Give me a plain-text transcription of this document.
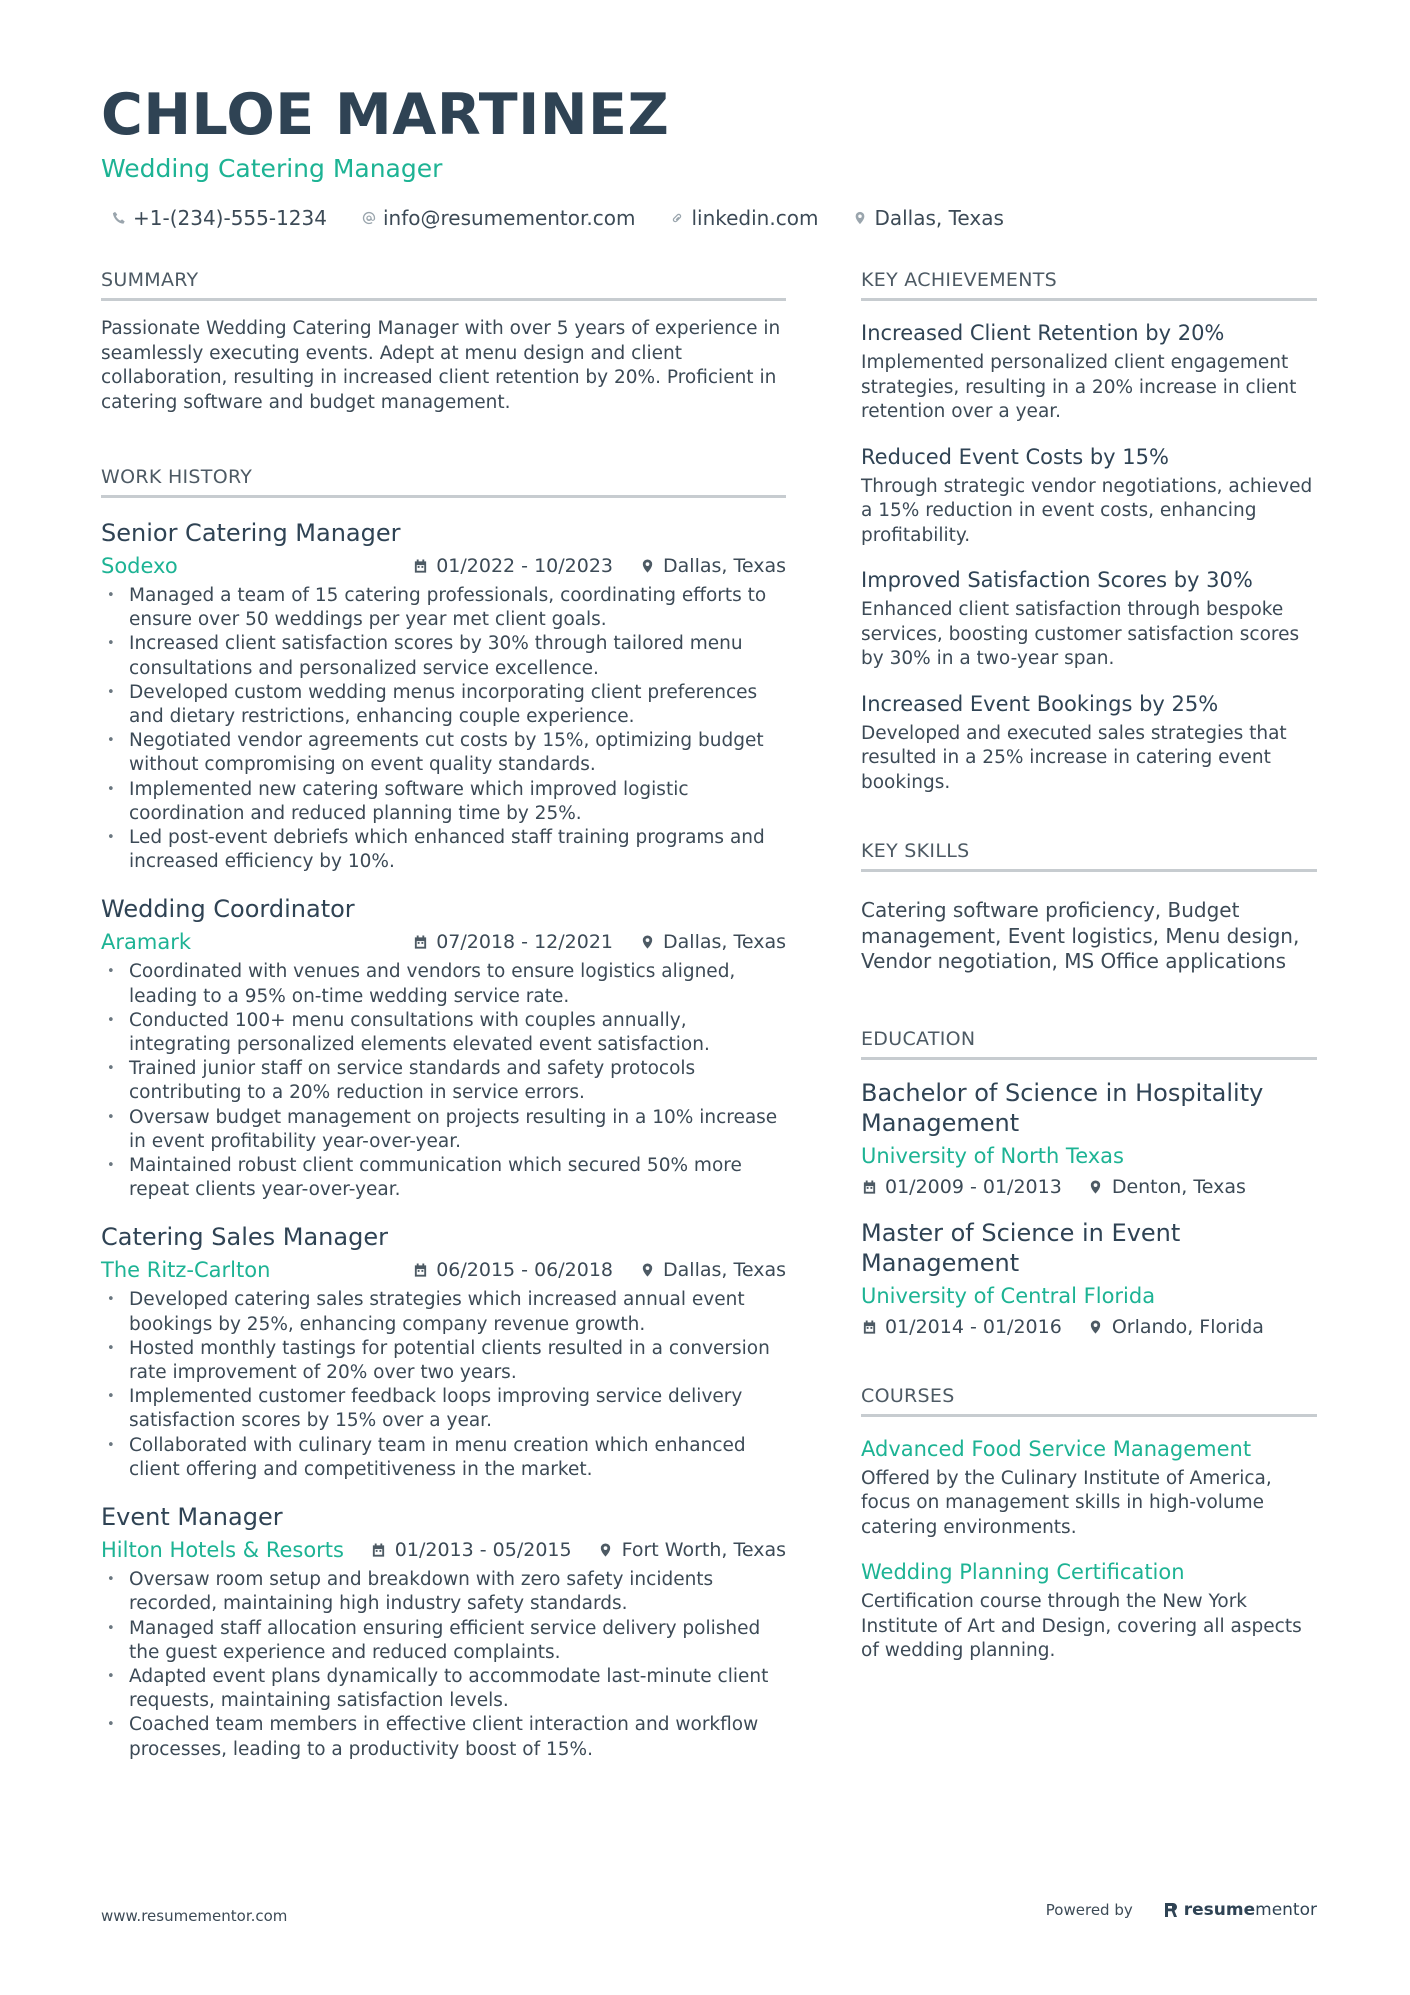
CHLOE MARTINEZ
Wedding Catering Manager
+1-(234)-555-1234	info@resumementor.com	linkedin.com	Dallas, Texas
SUMMARY
Passionate Wedding Catering Manager with over 5 years of experience in seamlessly executing events. Adept at menu design and client collaboration, resulting in increased client retention by 20%. Proficient in catering software and budget management.
WORK HISTORY
Senior Catering Manager
Sodexo	01/2022 - 10/2023	Dallas, Texas
• Managed a team of 15 catering professionals, coordinating efforts to ensure over 50 weddings per year met client goals.
• Increased client satisfaction scores by 30% through tailored menu consultations and personalized service excellence.
• Developed custom wedding menus incorporating client preferences and dietary restrictions, enhancing couple experience.
• Negotiated vendor agreements cut costs by 15%, optimizing budget without compromising on event quality standards.
• Implemented new catering software which improved logistic coordination and reduced planning time by 25%.
• Led post-event debriefs which enhanced staff training programs and increased efficiency by 10%.
Wedding Coordinator
Aramark	07/2018 - 12/2021	Dallas, Texas
• Coordinated with venues and vendors to ensure logistics aligned, leading to a 95% on-time wedding service rate.
• Conducted 100+ menu consultations with couples annually, integrating personalized elements elevated event satisfaction.
• Trained junior staff on service standards and safety protocols contributing to a 20% reduction in service errors.
• Oversaw budget management on projects resulting in a 10% increase in event profitability year-over-year.
• Maintained robust client communication which secured 50% more repeat clients year-over-year.
Catering Sales Manager
The Ritz-Carlton	06/2015 - 06/2018	Dallas, Texas
• Developed catering sales strategies which increased annual event bookings by 25%, enhancing company revenue growth.
• Hosted monthly tastings for potential clients resulted in a conversion rate improvement of 20% over two years.
• Implemented customer feedback loops improving service delivery satisfaction scores by 15% over a year.
• Collaborated with culinary team in menu creation which enhanced client offering and competitiveness in the market.
Event Manager
Hilton Hotels & Resorts	01/2013 - 05/2015	Fort Worth, Texas
• Oversaw room setup and breakdown with zero safety incidents recorded, maintaining high industry safety standards.
• Managed staff allocation ensuring efficient service delivery polished the guest experience and reduced complaints.
• Adapted event plans dynamically to accommodate last-minute client requests, maintaining satisfaction levels.
• Coached team members in effective client interaction and workflow processes, leading to a productivity boost of 15%.
KEY ACHIEVEMENTS
Increased Client Retention by 20%
Implemented personalized client engagement strategies, resulting in a 20% increase in client retention over a year.
Reduced Event Costs by 15%
Through strategic vendor negotiations, achieved a 15% reduction in event costs, enhancing profitability.
Improved Satisfaction Scores by 30%
Enhanced client satisfaction through bespoke services, boosting customer satisfaction scores by 30% in a two-year span.
Increased Event Bookings by 25%
Developed and executed sales strategies that resulted in a 25% increase in catering event bookings.
KEY SKILLS
Catering software proficiency, Budget management, Event logistics, Menu design, Vendor negotiation, MS Office applications
EDUCATION
Bachelor of Science in Hospitality Management
University of North Texas
01/2009 - 01/2013	Denton, Texas
Master of Science in Event Management
University of Central Florida
01/2014 - 01/2016	Orlando, Florida
COURSES
Advanced Food Service Management
Offered by the Culinary Institute of America, focus on management skills in high-volume catering environments.
Wedding Planning Certification
Certification course through the New York Institute of Art and Design, covering all aspects of wedding planning.
www.resumementor.com	Powered by	resume mentor
